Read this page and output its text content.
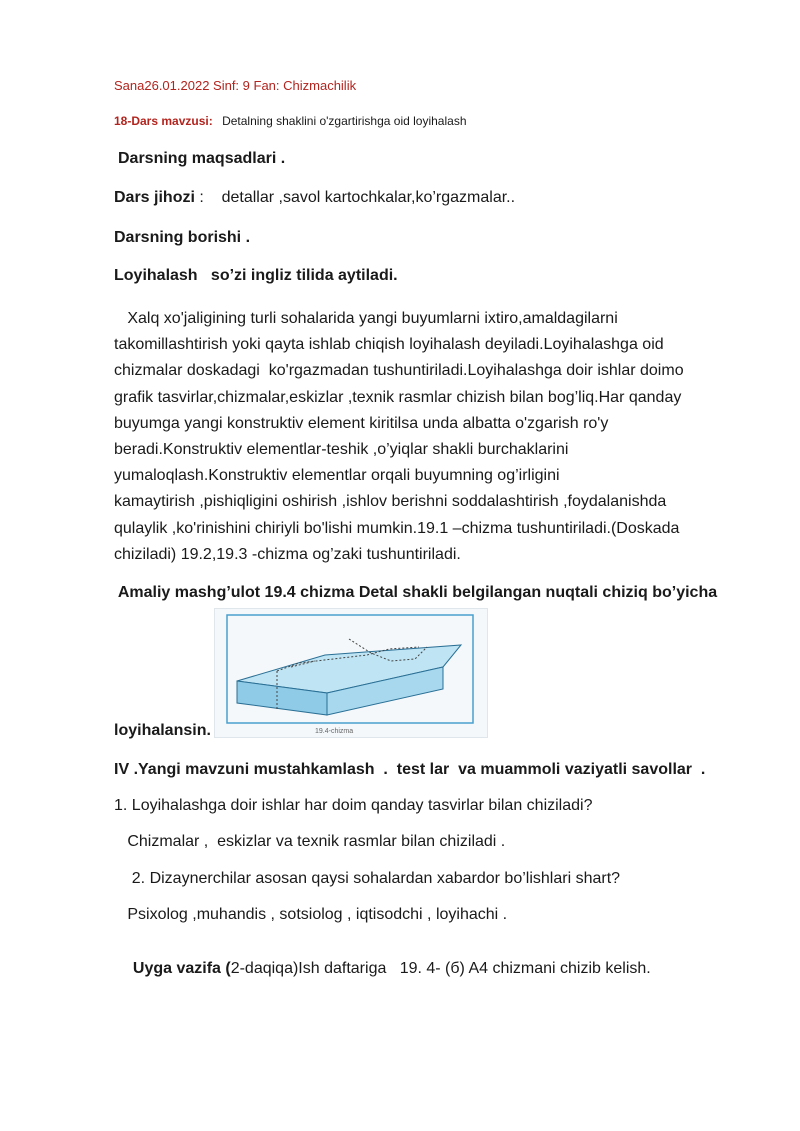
Sana26.01.2022 Sinf: 9 Fan: Chizmachilik
18-Dars mavzusi: Detalning shaklini o'zgartirishga oid loyihalash
Darsning maqsadlari .
Dars jihozi :    detallar ,savol kartochkalar,ko’rgazmalar..
Darsning borishi .
Loyihalash   so’zi ingliz tilida aytiladi.
Xalq xo'jaligining turli sohalarida yangi buyumlarni ixtiro,amaldagilarni
takomillashtirish yoki qayta ishlab chiqish loyihalash deyiladi.Loyihalashga oid
chizmalar doskadagi  ko'rgazmadan tushuntiriladi.Loyihalashga doir ishlar doimo
grafik tasvirlar,chizmalar,eskizlar ,texnik rasmlar chizish bilan bog’liq.Har qanday
buyumga yangi konstruktiv element kiritilsa unda albatta o'zgarish ro'y
beradi.Konstruktiv elementlar-teshik ,o’yiqlar shakli burchaklarini
yumaloqlash.Konstruktiv elementlar orqali buyumning og’irligini
kamaytirish ,pishiqligini oshirish ,ishlov berishni soddalashtirish ,foydalanishda
qulaylik ,ko'rinishini chiriyli bo'lishi mumkin.19.1 –chizma tushuntiriladi.(Doskada
chiziladi) 19.2,19.3 -chizma og’zaki tushuntiriladi.
Amaliy mashg’ulot 19.4 chizma Detal shakli belgilangan nuqtali chiziq bo’yicha
19.4-chizma
loyihalansin.
IV .Yangi mavzuni mustahkamlash  .  test lar  va muammoli vaziyatli savollar  .
1. Loyihalashga doir ishlar har doim qanday tasvirlar bilan chiziladi?
Chizmalar ,  eskizlar va texnik rasmlar bilan chiziladi .
2. Dizaynerchilar asosan qaysi sohalardan xabardor bo’lishlari shart?
Psixolog ,muhandis , sotsiolog , iqtisodchi , loyihachi .

Uyga vazifa (2-daqiqa)Ish daftariga   19. 4- (б) A4 chizmani chizib kelish.
